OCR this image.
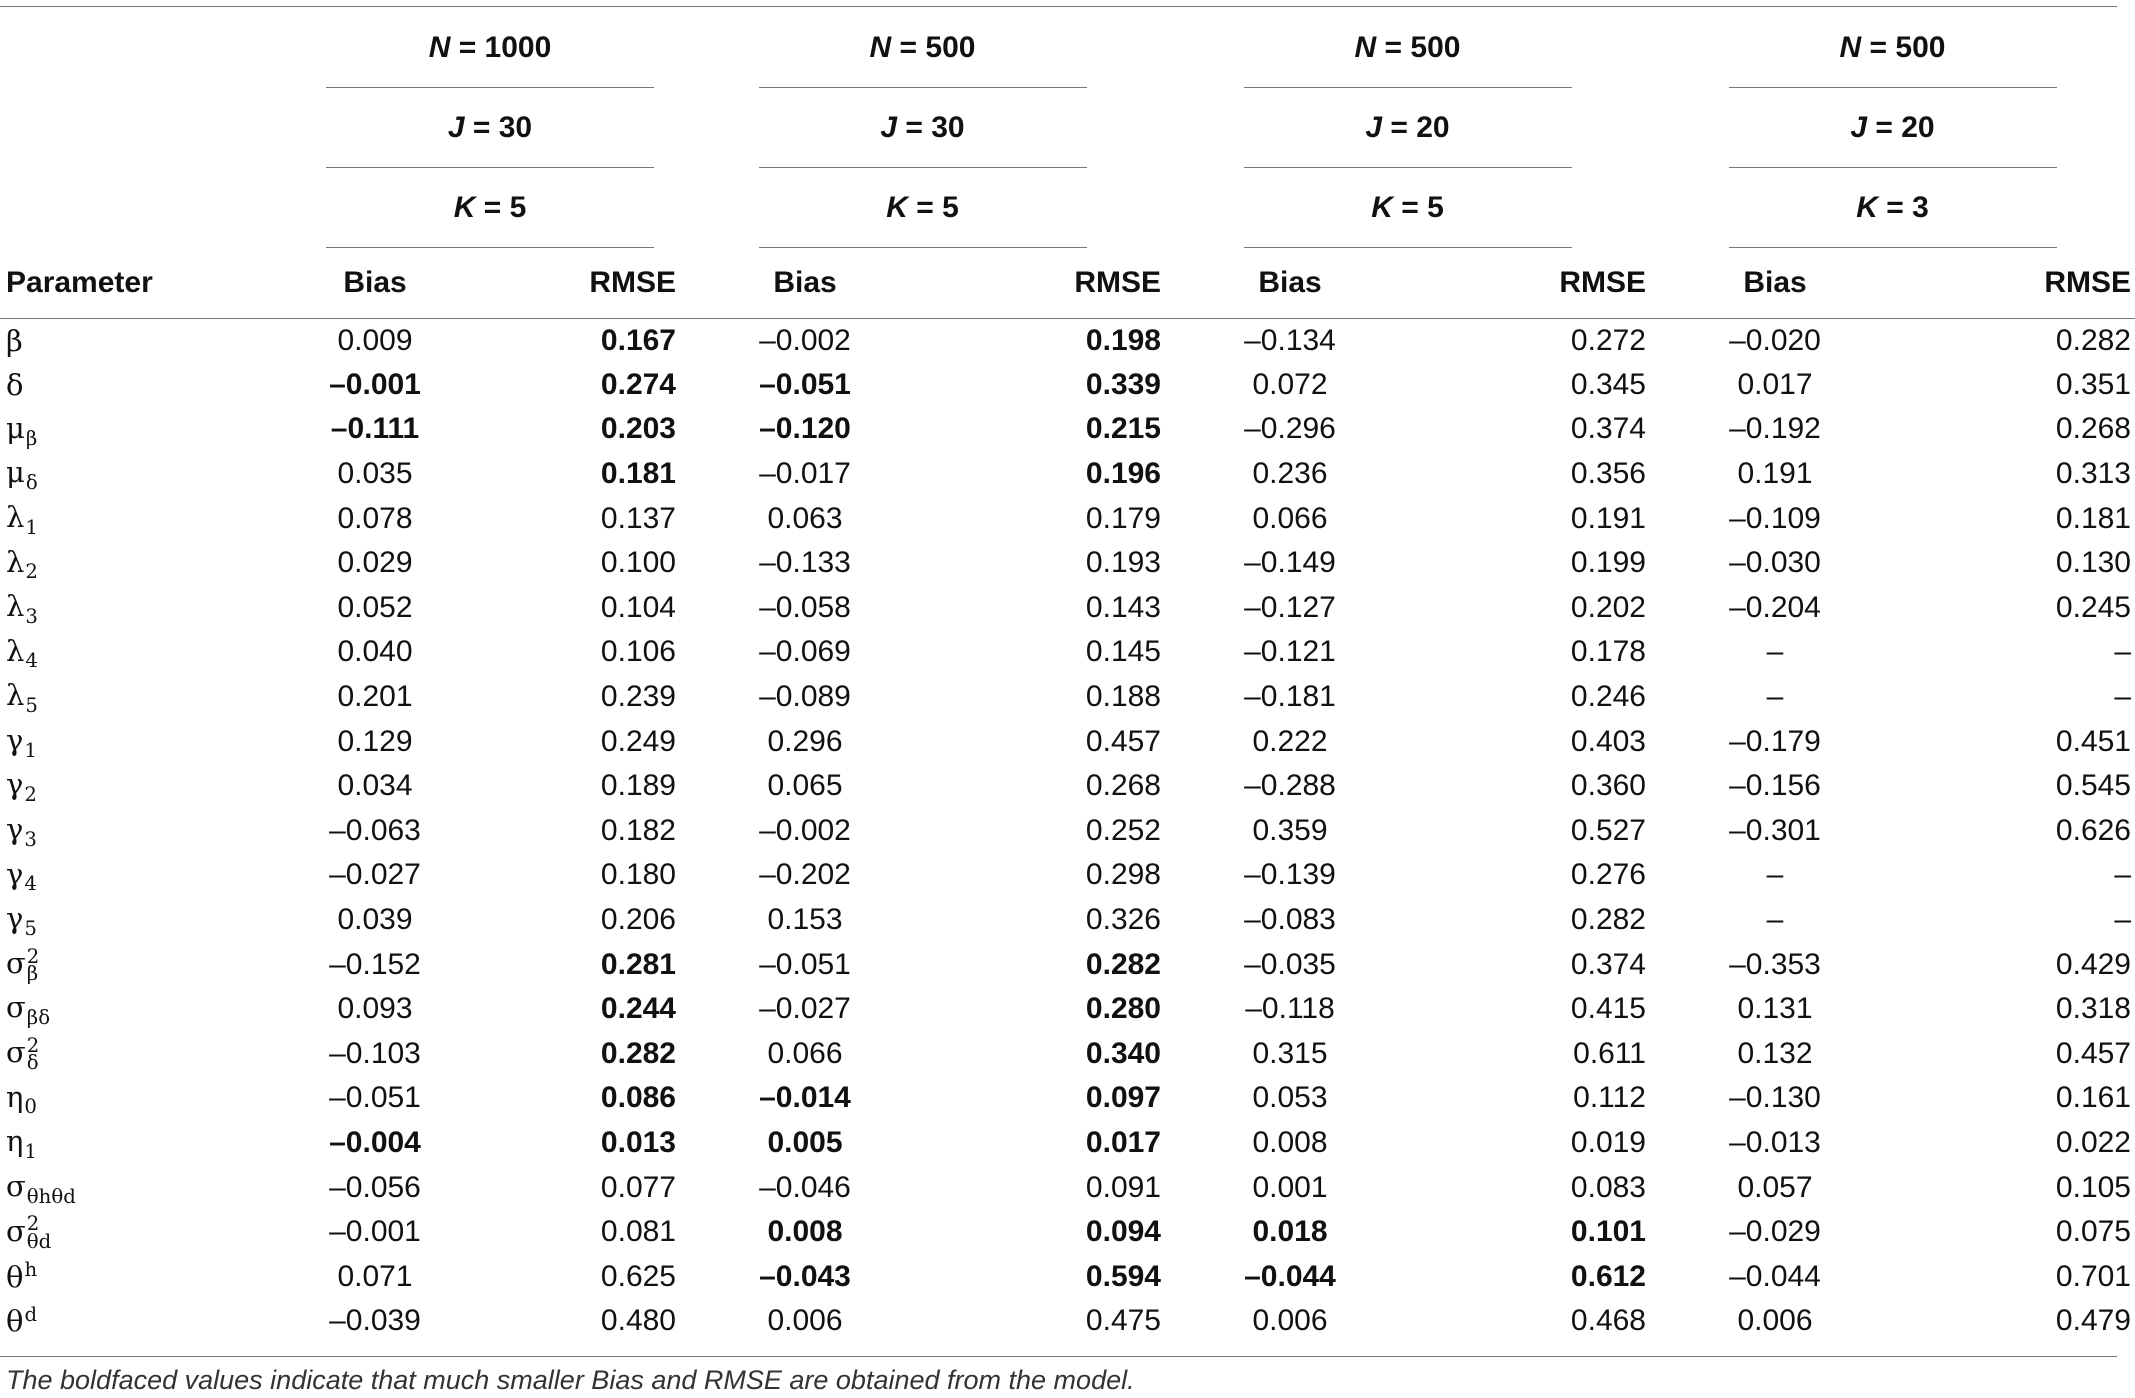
	N = 1000		N = 500		N = 500		N = 500	
	J = 30		J = 30		J = 20		J = 20	
	K = 5		K = 5		K = 5		K = 3	
Parameter	Bias	RMSE	Bias	RMSE	Bias	RMSE	Bias	RMSE
β	0.009	0.167	–0.002	0.198	–0.134	0.272	–0.020	0.282
δ	–0.001	0.274	–0.051	0.339	0.072	0.345	0.017	0.351
μ β	–0.111	0.203	–0.120	0.215	–0.296	0.374	–0.192	0.268
μ δ	0.035	0.181	–0.017	0.196	0.236	0.356	0.191	0.313
λ 1	0.078	0.137	0.063	0.179	0.066	0.191	–0.109	0.181
λ 2	0.029	0.100	–0.133	0.193	–0.149	0.199	–0.030	0.130
λ 3	0.052	0.104	–0.058	0.143	–0.127	0.202	–0.204	0.245
λ 4	0.040	0.106	–0.069	0.145	–0.121	0.178	–	–
λ 5	0.201	0.239	–0.089	0.188	–0.181	0.246	–	–
γ 1	0.129	0.249	0.296	0.457	0.222	0.403	–0.179	0.451
γ 2	0.034	0.189	0.065	0.268	–0.288	0.360	–0.156	0.545
γ 3	–0.063	0.182	–0.002	0.252	0.359	0.527	–0.301	0.626
γ 4	–0.027	0.180	–0.202	0.298	–0.139	0.276	–	–
γ 5	0.039	0.206	0.153	0.326	–0.083	0.282	–	–
σ 2
β	–0.152	0.281	–0.051	0.282	–0.035	0.374	–0.353	0.429
σ βδ	0.093	0.244	–0.027	0.280	–0.118	0.415	0.131	0.318
σ 2
δ	–0.103	0.282	0.066	0.340	0.315	0.611	0.132	0.457
η 0	–0.051	0.086	–0.014	0.097	0.053	0.112	–0.130	0.161
η 1	–0.004	0.013	0.005	0.017	0.008	0.019	–0.013	0.022
σ θhθd	–0.056	0.077	–0.046	0.091	0.001	0.083	0.057	0.105
σ 2
θd	–0.001	0.081	0.008	0.094	0.018	0.101	–0.029	0.075
θ h	0.071	0.625	–0.043	0.594	–0.044	0.612	–0.044	0.701
θ d	–0.039	0.480	0.006	0.475	0.006	0.468	0.006	0.479
The boldfaced values indicate that much smaller Bias and RMSE are obtained from the model.
